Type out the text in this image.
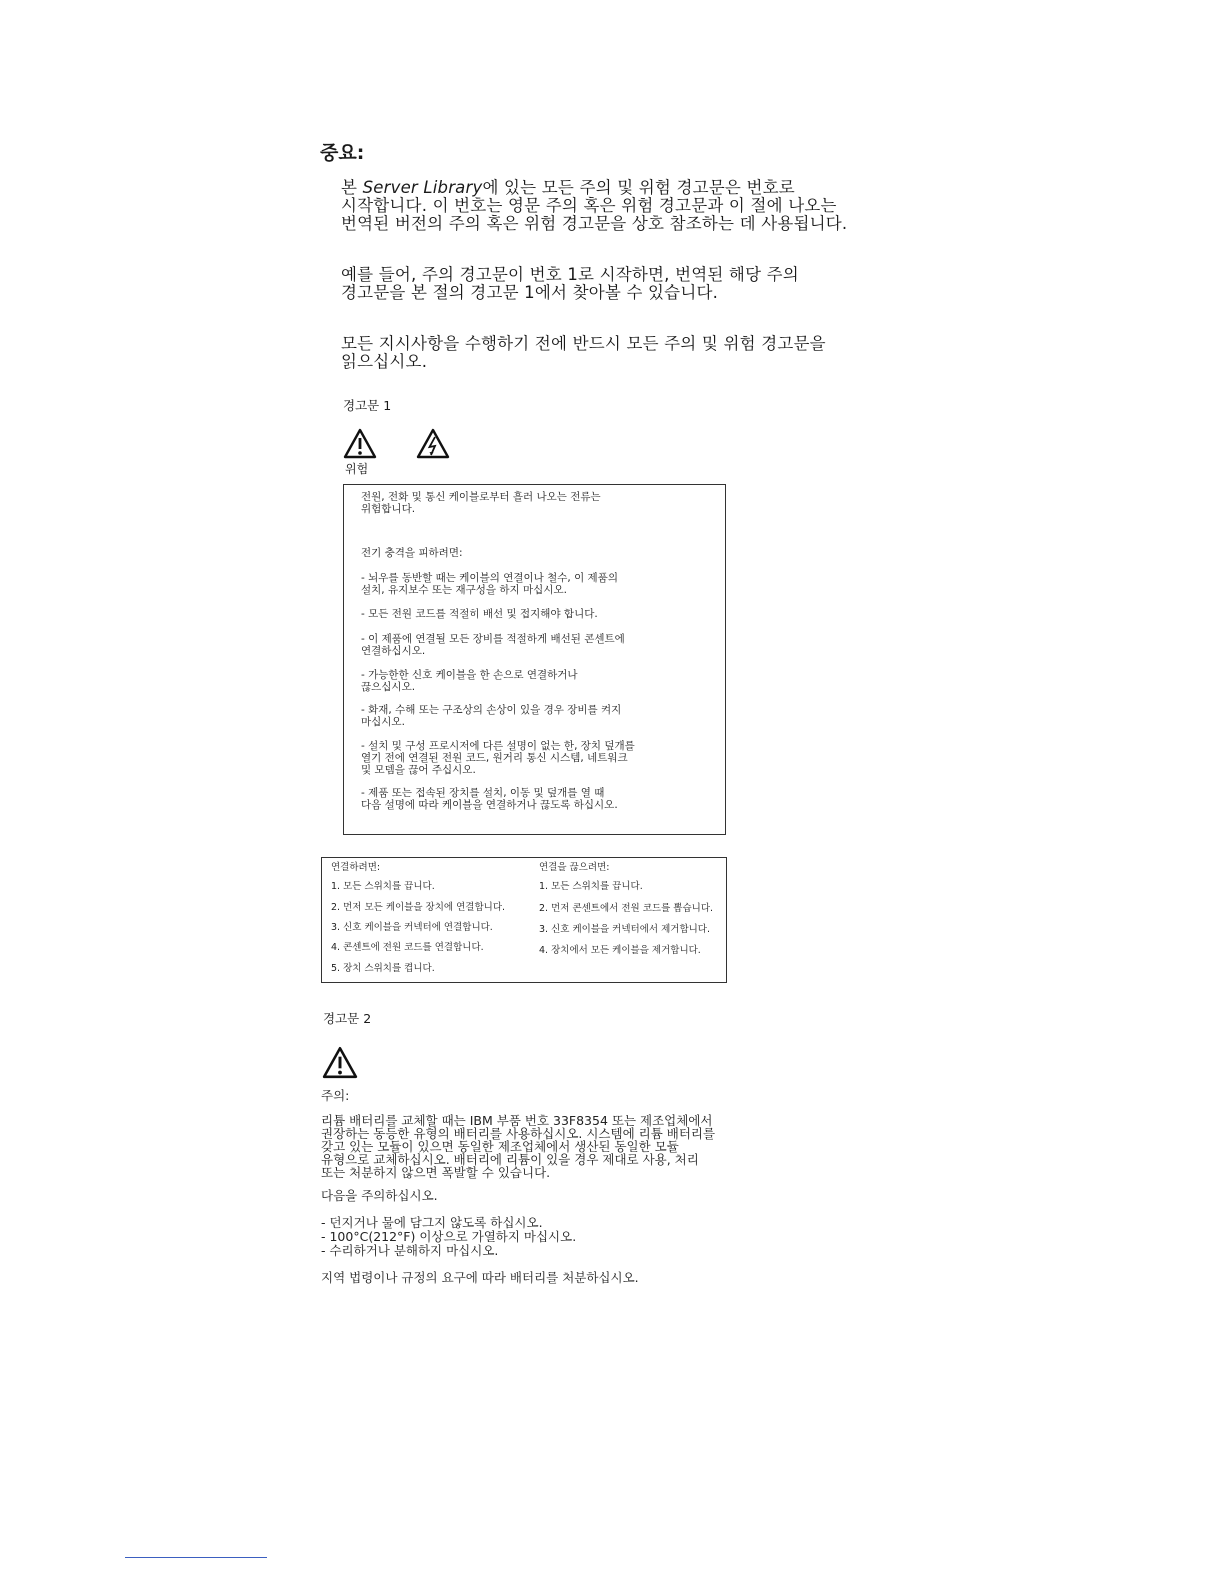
중요:
본 Server Library에 있는 모든 주의 및 위험 경고문은 번호로
시작합니다. 이 번호는 영문 주의 혹은 위험 경고문과 이 절에 나오는
번역된 버전의 주의 혹은 위험 경고문을 상호 참조하는 데 사용됩니다.
예를 들어, 주의 경고문이 번호 1로 시작하면, 번역된 해당 주의
경고문을 본 절의 경고문 1에서 찾아볼 수 있습니다.
모든 지시사항을 수행하기 전에 반드시 모든 주의 및 위험 경고문을
읽으십시오.
경고문 1
위험
전원, 전화 및 통신 케이블로부터 흘러 나오는 전류는
위험합니다.
전기 충격을 피하려면:
- 뇌우를 동반할 때는 케이블의 연결이나 철수, 이 제품의
설치, 유지보수 또는 재구성을 하지 마십시오.
- 모든 전원 코드를 적절히 배선 및 접지해야 합니다.
- 이 제품에 연결될 모든 장비를 적절하게 배선된 콘센트에
연결하십시오.
- 가능한한 신호 케이블을 한 손으로 연결하거나
끊으십시오.
- 화재, 수해 또는 구조상의 손상이 있을 경우 장비를 켜지
마십시오.
- 설치 및 구성 프로시저에 다른 설명이 없는 한, 장치 덮개를
열기 전에 연결된 전원 코드, 원거리 통신 시스템, 네트워크
및 모뎀을 끊어 주십시오.
- 제품 또는 접속된 장치를 설치, 이동 및 덮개를 열 때
다음 설명에 따라 케이블을 연결하거나 끊도록 하십시오.
연결하려면:
1. 모든 스위치를 끕니다.
2. 먼저 모든 케이블을 장치에 연결합니다.
3. 신호 케이블을 커넥터에 연결합니다.
4. 콘센트에 전원 코드를 연결합니다.
5. 장치 스위치를 켭니다.
연결을 끊으려면:
1. 모든 스위치를 끕니다.
2. 먼저 콘센트에서 전원 코드를 뽑습니다.
3. 신호 케이블을 커넥터에서 제거합니다.
4. 장치에서 모든 케이블을 제거합니다.
경고문 2
주의:
리튬 배터리를 교체할 때는 IBM 부품 번호 33F8354 또는 제조업체에서
권장하는 동등한 유형의 배터리를 사용하십시오. 시스템에 리튬 배터리를
갖고 있는 모듈이 있으면 동일한 제조업체에서 생산된 동일한 모듈
유형으로 교체하십시오. 배터리에 리튬이 있을 경우 제대로 사용, 처리
또는 처분하지 않으면 폭발할 수 있습니다.
다음을 주의하십시오.
- 던지거나 물에 담그지 않도록 하십시오.
- 100°C(212°F) 이상으로 가열하지 마십시오.
- 수리하거나 분해하지 마십시오.
지역 법령이나 규정의 요구에 따라 배터리를 처분하십시오.
